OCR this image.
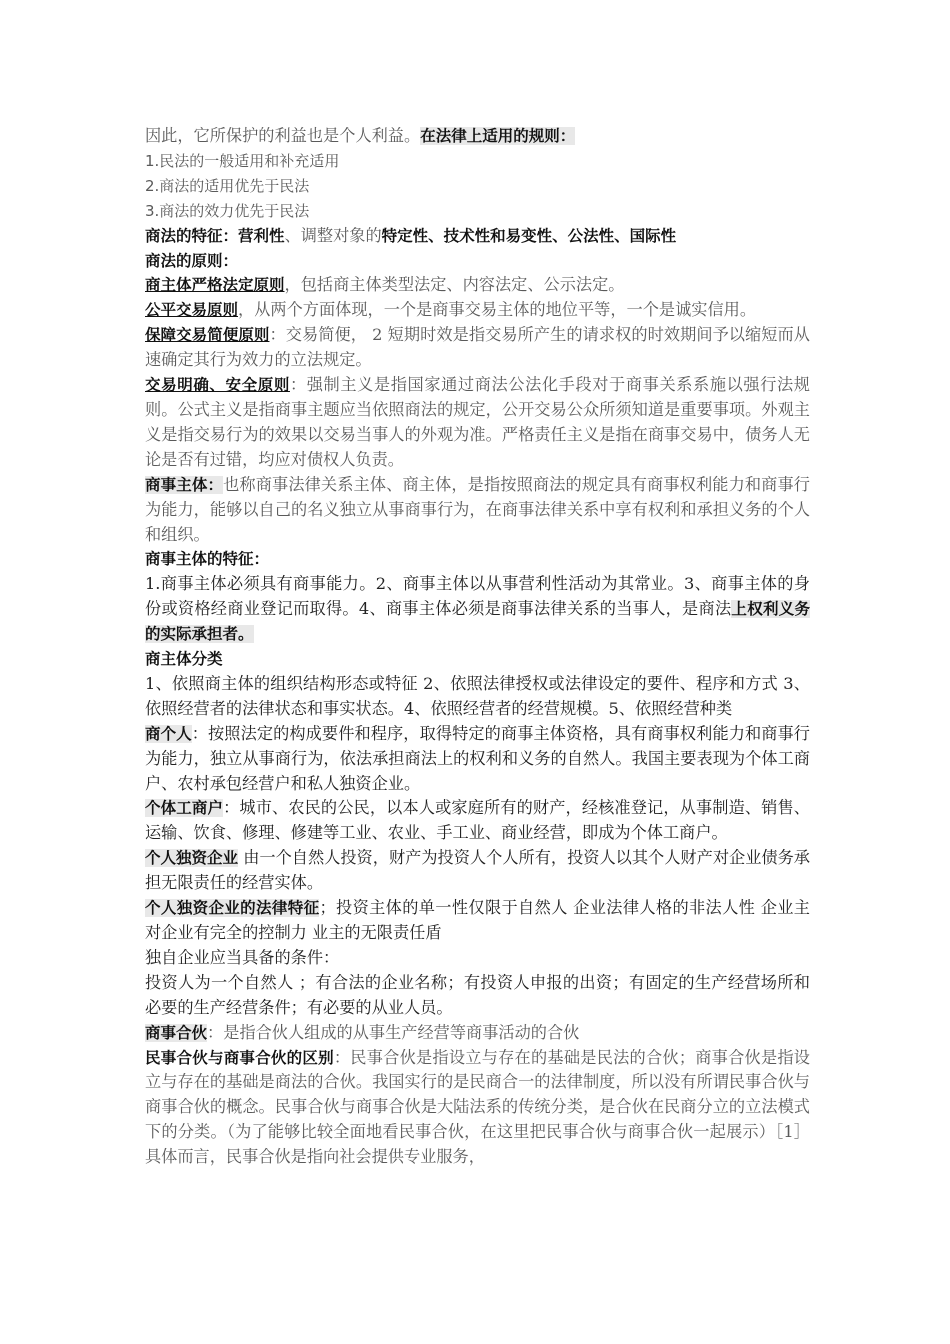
因此，它所保护的利益也是个人利益。在法律上适用的规则：

1.民法的一般适用和补充适用

2.商法的适用优先于民法

3.商法的效力优先于民法

商法的特征：营利性、调整对象的特定性、技术性和易变性、公法性、国际性

商法的原则：

商主体严格法定原则，包括商主体类型法定、内容法定、公示法定。

公平交易原则，从两个方面体现，一个是商事交易主体的地位平等，一个是诚实信用。

保障交易简便原则：交易简便， 2 短期时效是指交易所产生的请求权的时效期间予以缩短而从速确定其行为效力的立法规定。

交易明确、安全原则：强制主义是指国家通过商法公法化手段对于商事关系系施以强行法规则。公式主义是指商事主题应当依照商法的规定，公开交易公众所须知道是重要事项。外观主义是指交易行为的效果以交易当事人的外观为准。严格责任主义是指在商事交易中，债务人无论是否有过错，均应对债权人负责。

商事主体：也称商事法律关系主体、商主体，是指按照商法的规定具有商事权利能力和商事行为能力，能够以自己的名义独立从事商事行为，在商事法律关系中享有权利和承担义务的个人和组织。

商事主体的特征：

1.商事主体必须具有商事能力。2、商事主体以从事营利性活动为其常业。3、商事主体的身份或资格经商业登记而取得。4、商事主体必须是商事法律关系的当事人，是商法上权利义务的实际承担者。

商主体分类

1、依照商主体的组织结构形态或特征 2、依照法律授权或法律设定的要件、程序和方式 3、依照经营者的法律状态和事实状态。4、依照经营者的经营规模。5、依照经营种类

商个人：按照法定的构成要件和程序，取得特定的商事主体资格，具有商事权利能力和商事行为能力，独立从事商行为，依法承担商法上的权利和义务的自然人。我国主要表现为个体工商户、农村承包经营户和私人独资企业。

个体工商户：城市、农民的公民，以本人或家庭所有的财产，经核准登记，从事制造、销售、运输、饮食、修理、修建等工业、农业、手工业、商业经营，即成为个体工商户。

个人独资企业 由一个自然人投资，财产为投资人个人所有，投资人以其个人财产对企业债务承担无限责任的经营实体。

个人独资企业的法律特征；投资主体的单一性仅限于自然人 企业法律人格的非法人性 企业主对企业有完全的控制力 业主的无限责任盾

独自企业应当具备的条件：

投资人为一个自然人 ；有合法的企业名称；有投资人申报的出资；有固定的生产经营场所和必要的生产经营条件；有必要的从业人员。

商事合伙：是指合伙人组成的从事生产经营等商事活动的合伙

民事合伙与商事合伙的区别：民事合伙是指设立与存在的基础是民法的合伙；商事合伙是指设立与存在的基础是商法的合伙。我国实行的是民商合一的法律制度，所以没有所谓民事合伙与商事合伙的概念。民事合伙与商事合伙是大陆法系的传统分类，是合伙在民商分立的立法模式下的分类。（为了能够比较全面地看民事合伙，在这里把民事合伙与商事合伙一起展示）［1］具体而言，民事合伙是指向社会提供专业服务，
